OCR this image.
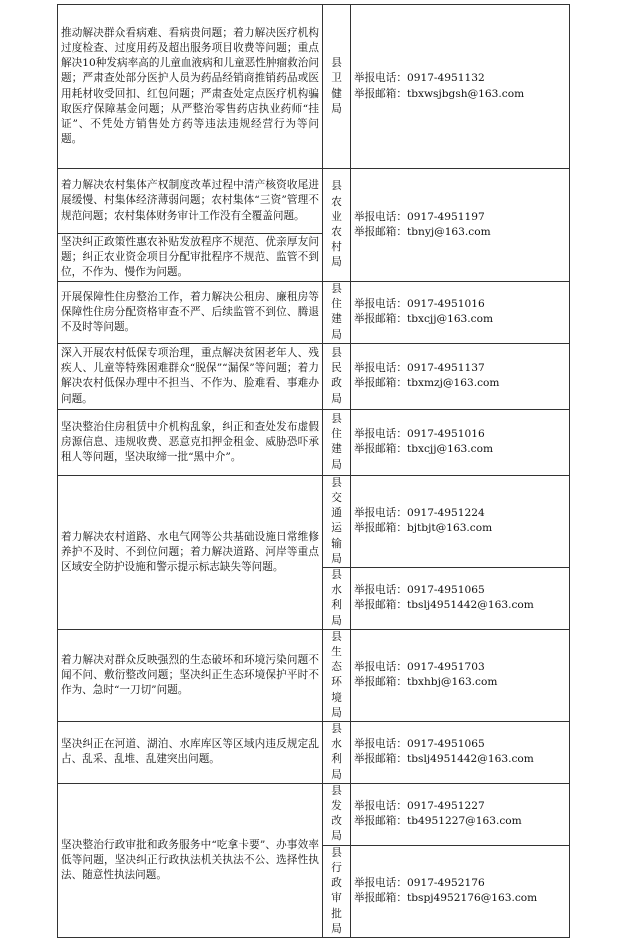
推动解决群众看病难、看病贵问题；着力解决医疗机构过度检查、过度用药及超出服务项目收费等问题；重点解决10种发病率高的儿童血液病和儿童恶性肿瘤救治问题；严肃查处部分医护人员为药品经销商推销药品或医用耗材收受回扣、红包问题；严肃查处定点医疗机构骗取医疗保障基金问题；从严整治零售药店执业药师“挂证”、不凭处方销售处方药等违法违规经营行为等问题。	县卫健局	举报电话：0917-4951132
举报邮箱：tbxwsjbgsh@163.com

着力解决农村集体产权制度改革过程中清产核资收尾进展缓慢、村集体经济薄弱问题；农村集体“三资”管理不规范问题；农村集体财务审计工作没有全覆盖问题。	县农业农村局	举报电话：0917-4951197
举报邮箱：tbnyj@163.com

坚决纠正政策性惠农补贴发放程序不规范、优亲厚友问题；纠正农业资金项目分配审批程序不规范、监管不到位，不作为、慢作为问题。		
开展保障性住房整治工作，着力解决公租房、廉租房等保障性住房分配资格审查不严、后续监管不到位、腾退不及时等问题。	县住建局	举报电话：0917-4951016
举报邮箱：tbxcjj@163.com

深入开展农村低保专项治理，重点解决贫困老年人、残疾人、儿童等特殊困难群众“脱保”“漏保”等问题；着力解决农村低保办理中不担当、不作为、脸难看、事难办问题。	县民政局	举报电话：0917-4951137
举报邮箱：tbxmzj@163.com

坚决整治住房租赁中介机构乱象，纠正和查处发布虚假房源信息、违规收费、恶意克扣押金租金、威胁恐吓承租人等问题，坚决取缔一批“黑中介”。	县住建局	举报电话：0917-4951016
举报邮箱：tbxcjj@163.com

着力解决农村道路、水电气网等公共基础设施日常维修养护不及时、不到位问题；着力解决道路、河岸等重点区域安全防护设施和警示提示标志缺失等问题。	县交通运输局	举报电话：0917-4951224
举报邮箱：bjtbjt@163.com

	县水利局	举报电话：0917-4951065
举报邮箱：tbslj4951442@163.com

着力解决对群众反映强烈的生态破坏和环境污染问题不闻不问、敷衍整改问题；坚决纠正生态环境保护平时不作为、急时“一刀切”问题。	县生态环境局	举报电话：0917-4951703
举报邮箱：tbxhbj@163.com

坚决纠正在河道、湖泊、水库库区等区域内违反规定乱占、乱采、乱堆、乱建突出问题。	县水利局	举报电话：0917-4951065
举报邮箱：tbslj4951442@163.com

坚决整治行政审批和政务服务中“吃拿卡要”、办事效率低等问题，坚决纠正行政执法机关执法不公、选择性执法、随意性执法问题。	县发改局	举报电话：0917-4951227
举报邮箱：tb4951227@163.com

	县行政审批局	举报电话：0917-4952176
举报邮箱：tbspj4952176@163.com
